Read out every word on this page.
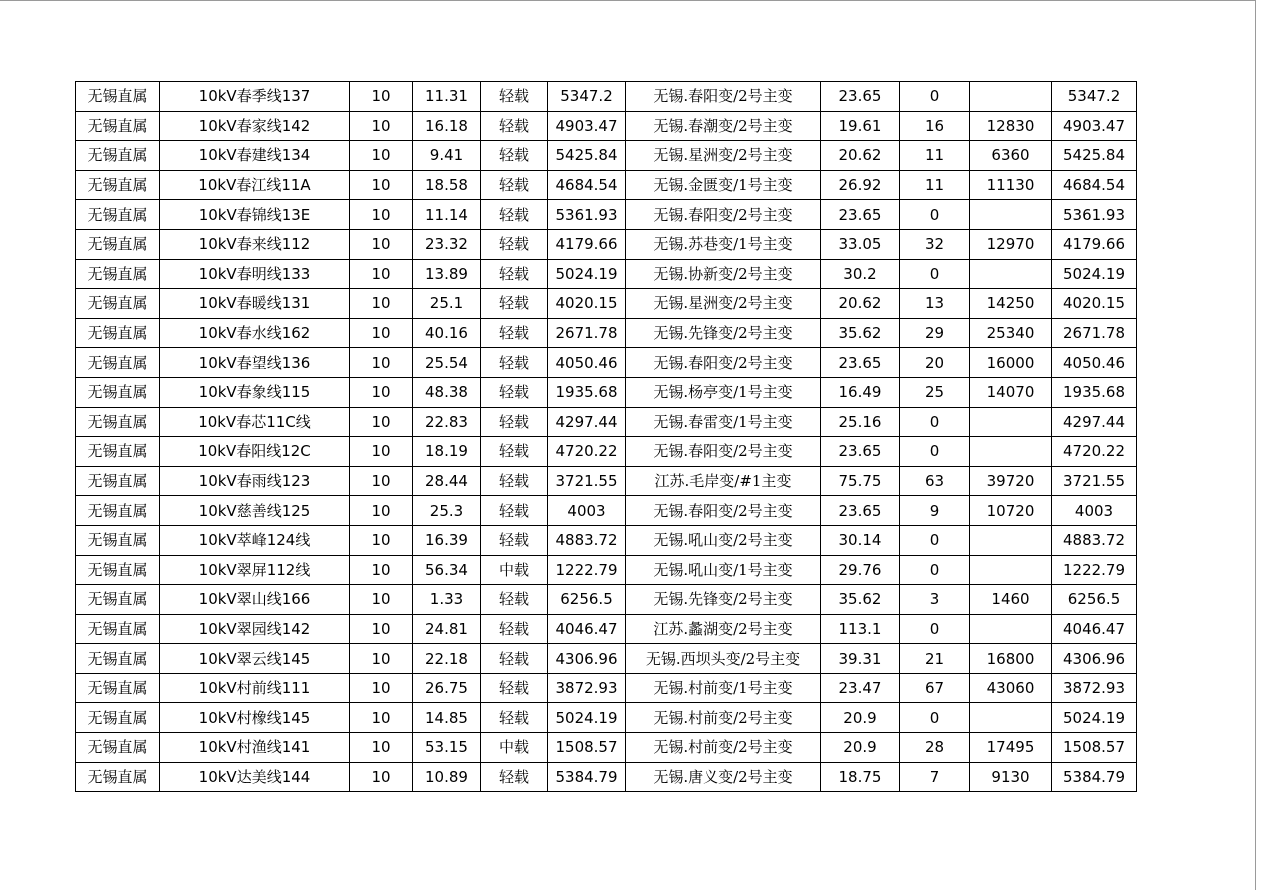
无锡直属	10kV春季线137	10	11.31	轻载	5347.2	无锡.春阳变/2号主变	23.65	0		5347.2
无锡直属	10kV春家线142	10	16.18	轻载	4903.47	无锡.春潮变/2号主变	19.61	16	12830	4903.47
无锡直属	10kV春建线134	10	9.41	轻载	5425.84	无锡.星洲变/2号主变	20.62	11	6360	5425.84
无锡直属	10kV春江线11A	10	18.58	轻载	4684.54	无锡.金匮变/1号主变	26.92	11	11130	4684.54
无锡直属	10kV春锦线13E	10	11.14	轻载	5361.93	无锡.春阳变/2号主变	23.65	0		5361.93
无锡直属	10kV春来线112	10	23.32	轻载	4179.66	无锡.苏巷变/1号主变	33.05	32	12970	4179.66
无锡直属	10kV春明线133	10	13.89	轻载	5024.19	无锡.协新变/2号主变	30.2	0		5024.19
无锡直属	10kV春暖线131	10	25.1	轻载	4020.15	无锡.星洲变/2号主变	20.62	13	14250	4020.15
无锡直属	10kV春水线162	10	40.16	轻载	2671.78	无锡.先锋变/2号主变	35.62	29	25340	2671.78
无锡直属	10kV春望线136	10	25.54	轻载	4050.46	无锡.春阳变/2号主变	23.65	20	16000	4050.46
无锡直属	10kV春象线115	10	48.38	轻载	1935.68	无锡.杨亭变/1号主变	16.49	25	14070	1935.68
无锡直属	10kV春芯11C线	10	22.83	轻载	4297.44	无锡.春雷变/1号主变	25.16	0		4297.44
无锡直属	10kV春阳线12C	10	18.19	轻载	4720.22	无锡.春阳变/2号主变	23.65	0		4720.22
无锡直属	10kV春雨线123	10	28.44	轻载	3721.55	江苏.毛岸变/#1主变	75.75	63	39720	3721.55
无锡直属	10kV慈善线125	10	25.3	轻载	4003	无锡.春阳变/2号主变	23.65	9	10720	4003
无锡直属	10kV萃峰124线	10	16.39	轻载	4883.72	无锡.吼山变/2号主变	30.14	0		4883.72
无锡直属	10kV翠屏112线	10	56.34	中载	1222.79	无锡.吼山变/1号主变	29.76	0		1222.79
无锡直属	10kV翠山线166	10	1.33	轻载	6256.5	无锡.先锋变/2号主变	35.62	3	1460	6256.5
无锡直属	10kV翠园线142	10	24.81	轻载	4046.47	江苏.蠡湖变/2号主变	113.1	0		4046.47
无锡直属	10kV翠云线145	10	22.18	轻载	4306.96	无锡.西坝头变/2号主变	39.31	21	16800	4306.96
无锡直属	10kV村前线111	10	26.75	轻载	3872.93	无锡.村前变/1号主变	23.47	67	43060	3872.93
无锡直属	10kV村橡线145	10	14.85	轻载	5024.19	无锡.村前变/2号主变	20.9	0		5024.19
无锡直属	10kV村渔线141	10	53.15	中载	1508.57	无锡.村前变/2号主变	20.9	28	17495	1508.57
无锡直属	10kV达美线144	10	10.89	轻载	5384.79	无锡.唐义变/2号主变	18.75	7	9130	5384.79
